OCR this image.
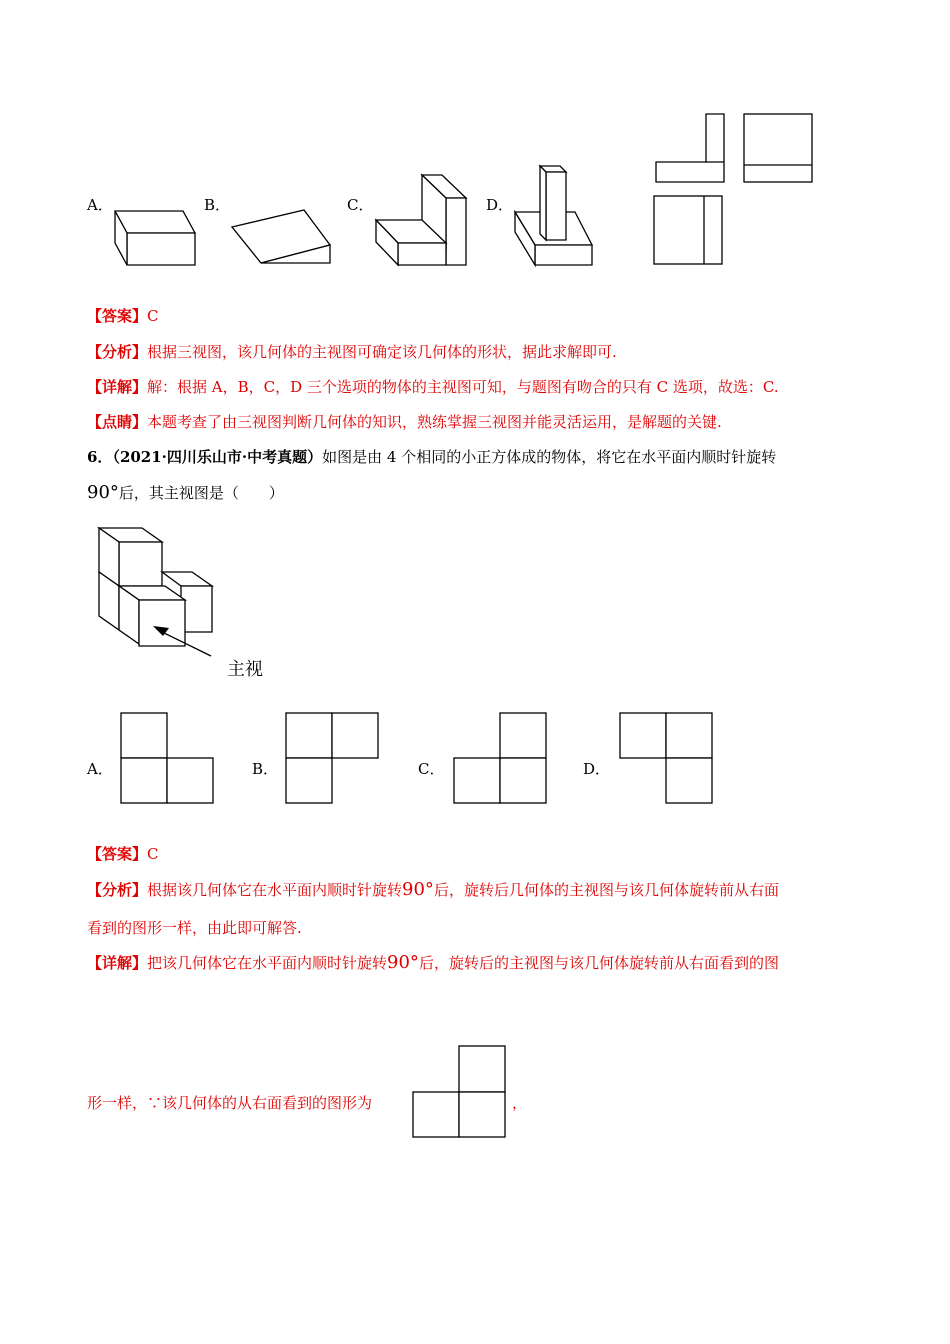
A．	B．	C．	D．
【答案】C
【分析】根据三视图，该几何体的主视图可确定该几何体的形状，据此求解即可.
【详解】解：根据 A，B，C，D 三个选项的物体的主视图可知，与题图有吻合的只有 C 选项，故选：C.
【点睛】本题考查了由三视图判断几何体的知识，熟练掌握三视图并能灵活运用，是解题的关键.
6．（2021·四川乐山市·中考真题）如图是由 4 个相同的小正方体成的物体，将它在水平面内顺时针旋转
90°后，其主视图是（　　）
主视
A．	B．	C．	D．
【答案】C
【分析】根据该几何体它在水平面内顺时针旋转90°后，旋转后几何体的主视图与该几何体旋转前从右面
看到的图形一样，由此即可解答.
【详解】把该几何体它在水平面内顺时针旋转90°后，旋转后的主视图与该几何体旋转前从右面看到的图
形一样，∵该几何体的从右面看到的图形为	，
